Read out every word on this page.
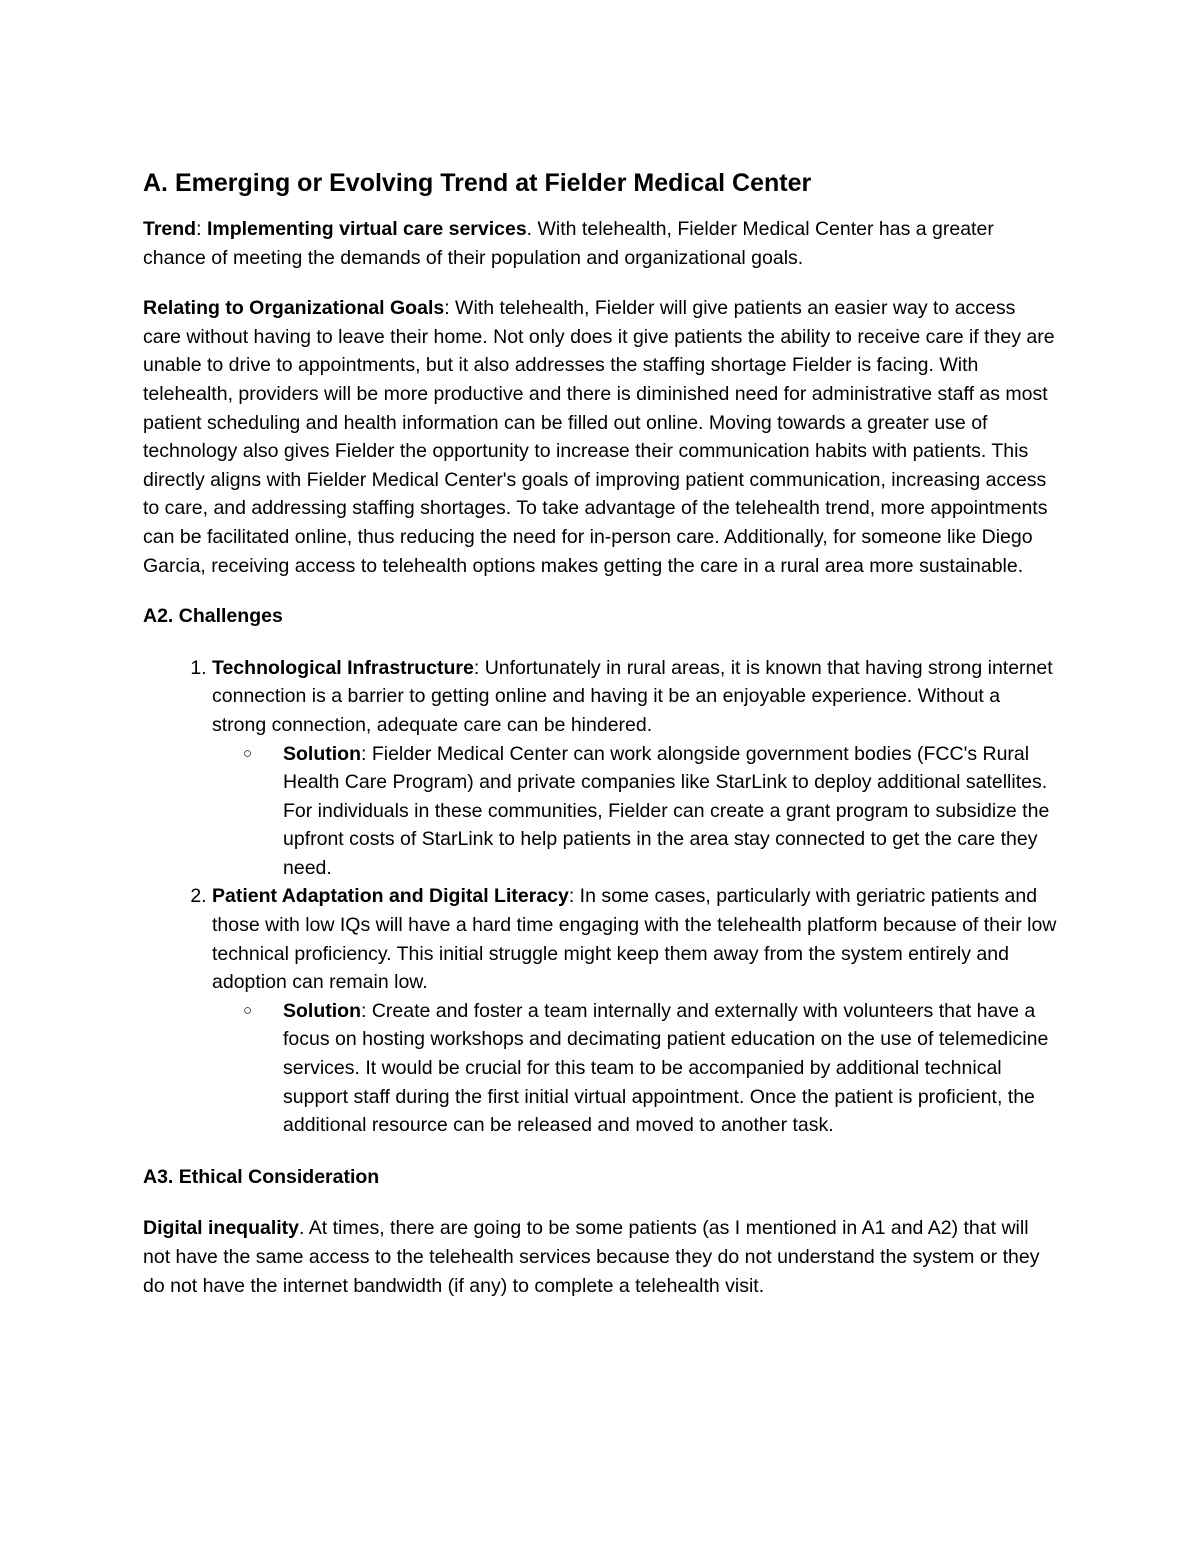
A. Emerging or Evolving Trend at Fielder Medical Center

Trend: Implementing virtual care services. With telehealth, Fielder Medical Center has a greater chance of meeting the demands of their population and organizational goals.

Relating to Organizational Goals: With telehealth, Fielder will give patients an easier way to access care without having to leave their home. Not only does it give patients the ability to receive care if they are unable to drive to appointments, but it also addresses the staffing shortage Fielder is facing. With telehealth, providers will be more productive and there is diminished need for administrative staff as most patient scheduling and health information can be filled out online. Moving towards a greater use of technology also gives Fielder the opportunity to increase their communication habits with patients. This directly aligns with Fielder Medical Center's goals of improving patient communication, increasing access to care, and addressing staffing shortages. To take advantage of the telehealth trend, more appointments can be facilitated online, thus reducing the need for in-person care. Additionally, for someone like Diego Garcia, receiving access to telehealth options makes getting the care in a rural area more sustainable.

A2. Challenges
1. Technological Infrastructure: Unfortunately in rural areas, it is known that having strong internet connection is a barrier to getting online and having it be an enjoyable experience. Without a strong connection, adequate care can be hindered.
○ Solution: Fielder Medical Center can work alongside government bodies (FCC's Rural Health Care Program) and private companies like StarLink to deploy additional satellites. For individuals in these communities, Fielder can create a grant program to subsidize the upfront costs of StarLink to help patients in the area stay connected to get the care they need.
2. Patient Adaptation and Digital Literacy: In some cases, particularly with geriatric patients and those with low IQs will have a hard time engaging with the telehealth platform because of their low technical proficiency. This initial struggle might keep them away from the system entirely and adoption can remain low.
○ Solution: Create and foster a team internally and externally with volunteers that have a focus on hosting workshops and decimating patient education on the use of telemedicine services. It would be crucial for this team to be accompanied by additional technical support staff during the first initial virtual appointment. Once the patient is proficient, the additional resource can be released and moved to another task.
A3. Ethical Consideration

Digital inequality. At times, there are going to be some patients (as I mentioned in A1 and A2) that will not have the same access to the telehealth services because they do not understand the system or they do not have the internet bandwidth (if any) to complete a telehealth visit.
